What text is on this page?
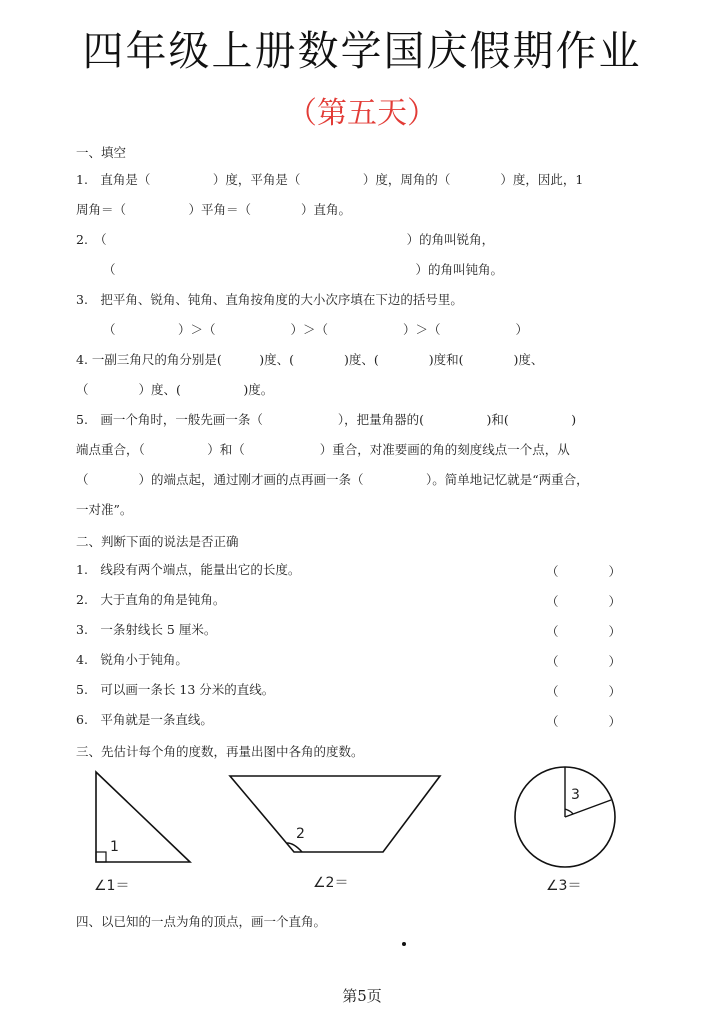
四年级上册数学国庆假期作业
（第五天）
一、填空
1.　直角是（　　　　　）度，平角是（　　　　　）度，周角的（　　　　）度，因此，1
周角＝（　　　　　）平角＝（　　　　）直角。
2.　（　　　　　　　　　　　　　　　　　　　　　　　　）的角叫锐角，
（　　　　　　　　　　　　　　　　　　　　　　　　）的角叫钝角。
3.　把平角、锐角、钝角、直角按角度的大小次序填在下边的括号里。
（　　　　　）＞（　　　　　　）＞（　　　　　　）＞（　　　　　　）
4. 一副三角尺的角分别是(　　　)度、(　　　　)度、(　　　　)度和(　　　　)度、
（　　　　）度、(　　　　　)度。
5.　画一个角时，一般先画一条（　　　　　　），把量角器的(　　　　　)和(　　　　　)
端点重合，（　　　　　）和（　　　　　　）重合，对准要画的角的刻度线点一个点，从
（　　　　）的端点起，通过刚才画的点再画一条（　　　　　）。简单地记忆就是“两重合，
一对准”。
二、判断下面的说法是否正确
1.　线段有两个端点，能量出它的长度。	（　　　　）
2.　大于直角的角是钝角。	（　　　　）
3.　一条射线长 5 厘米。	（　　　　）
4.　锐角小于钝角。	（　　　　）
5.　可以画一条长 13 分米的直线。	（　　　　）
6.　平角就是一条直线。	（　　　　）
三、先估计每个角的度数，再量出图中各角的度数。
1
2
3
∠1＝	∠2＝	∠3＝
四、以已知的一点为角的顶点，画一个直角。
第5页
